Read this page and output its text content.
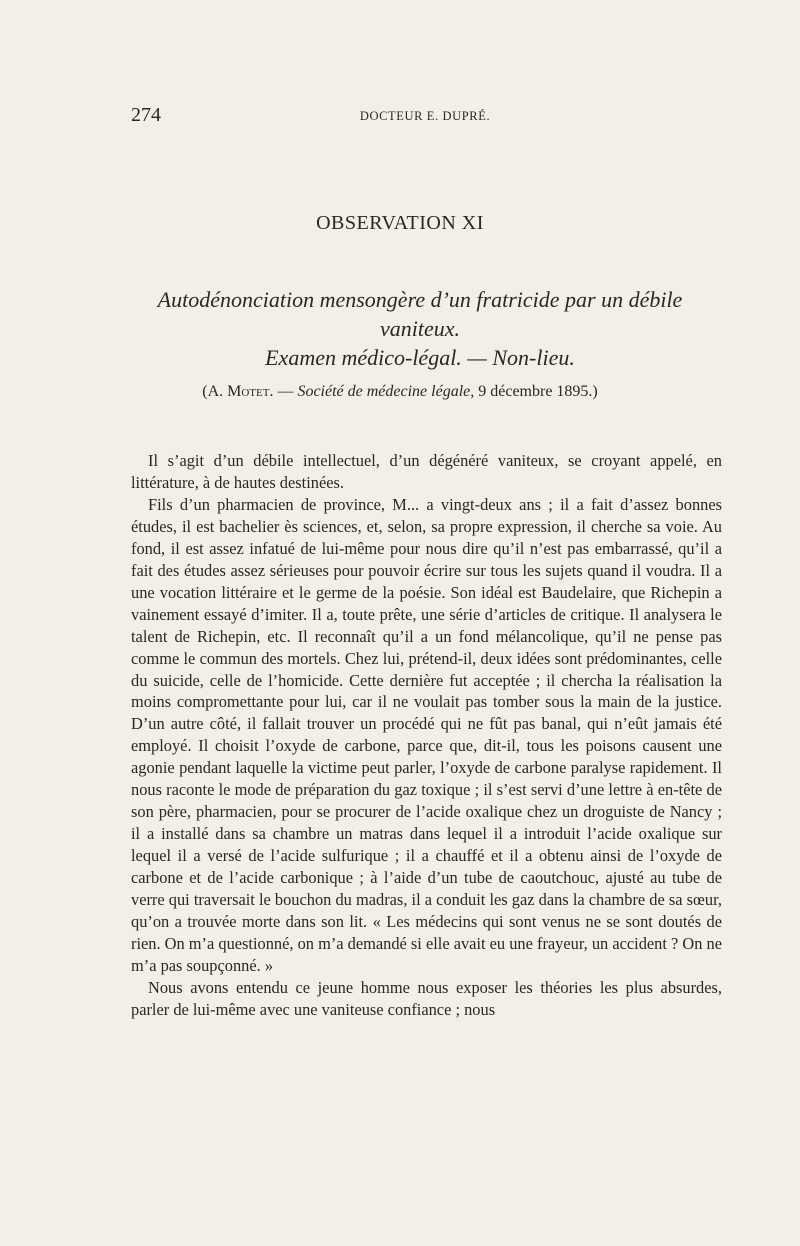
274	DOCTEUR E. DUPRÉ.
OBSERVATION XI
Autodénonciation mensongère d’un fratricide par un débile
vaniteux.
Examen médico-légal. — Non-lieu.
(A. Motet. — Société de médecine légale, 9 décembre 1895.)

Il s’agit d’un débile intellectuel, d’un dégénéré vaniteux, se croyant appelé, en littérature, à de hautes destinées.

Fils d’un pharmacien de province, M... a vingt-deux ans ; il a fait d’assez bonnes études, il est bachelier ès sciences, et, selon, sa propre expression, il cherche sa voie. Au fond, il est assez infatué de lui-même pour nous dire qu’il n’est pas embarrassé, qu’il a fait des études assez sérieuses pour pouvoir écrire sur tous les sujets quand il voudra. Il a une vocation littéraire et le germe de la poésie. Son idéal est Baudelaire, que Richepin a vainement essayé d’imiter. Il a, toute prête, une série d’articles de critique. Il analysera le talent de Richepin, etc. Il reconnaît qu’il a un fond mélancolique, qu’il ne pense pas comme le commun des mortels. Chez lui, prétend-il, deux idées sont prédominantes, celle du suicide, celle de l’homicide. Cette dernière fut acceptée ; il chercha la réalisation la moins compromettante pour lui, car il ne voulait pas tomber sous la main de la justice. D’un autre côté, il fallait trouver un procédé qui ne fût pas banal, qui n’eût jamais été employé. Il choisit l’oxyde de carbone, parce que, dit-il, tous les poisons causent une agonie pendant laquelle la victime peut parler, l’oxyde de carbone paralyse rapidement. Il nous raconte le mode de préparation du gaz toxique ; il s’est servi d’une lettre à en-tête de son père, pharmacien, pour se procurer de l’acide oxalique chez un droguiste de Nancy ; il a installé dans sa chambre un matras dans lequel il a introduit l’acide oxalique sur lequel il a versé de l’acide sulfurique ; il a chauffé et il a obtenu ainsi de l’oxyde de carbone et de l’acide carbonique ; à l’aide d’un tube de caoutchouc, ajusté au tube de verre qui traversait le bouchon du madras, il a conduit les gaz dans la chambre de sa sœur, qu’on a trouvée morte dans son lit. « Les médecins qui sont venus ne se sont doutés de rien. On m’a questionné, on m’a demandé si elle avait eu une frayeur, un accident ? On ne m’a pas soupçonné. »

Nous avons entendu ce jeune homme nous exposer les théories les plus absurdes, parler de lui-même avec une vaniteuse confiance ; nous
